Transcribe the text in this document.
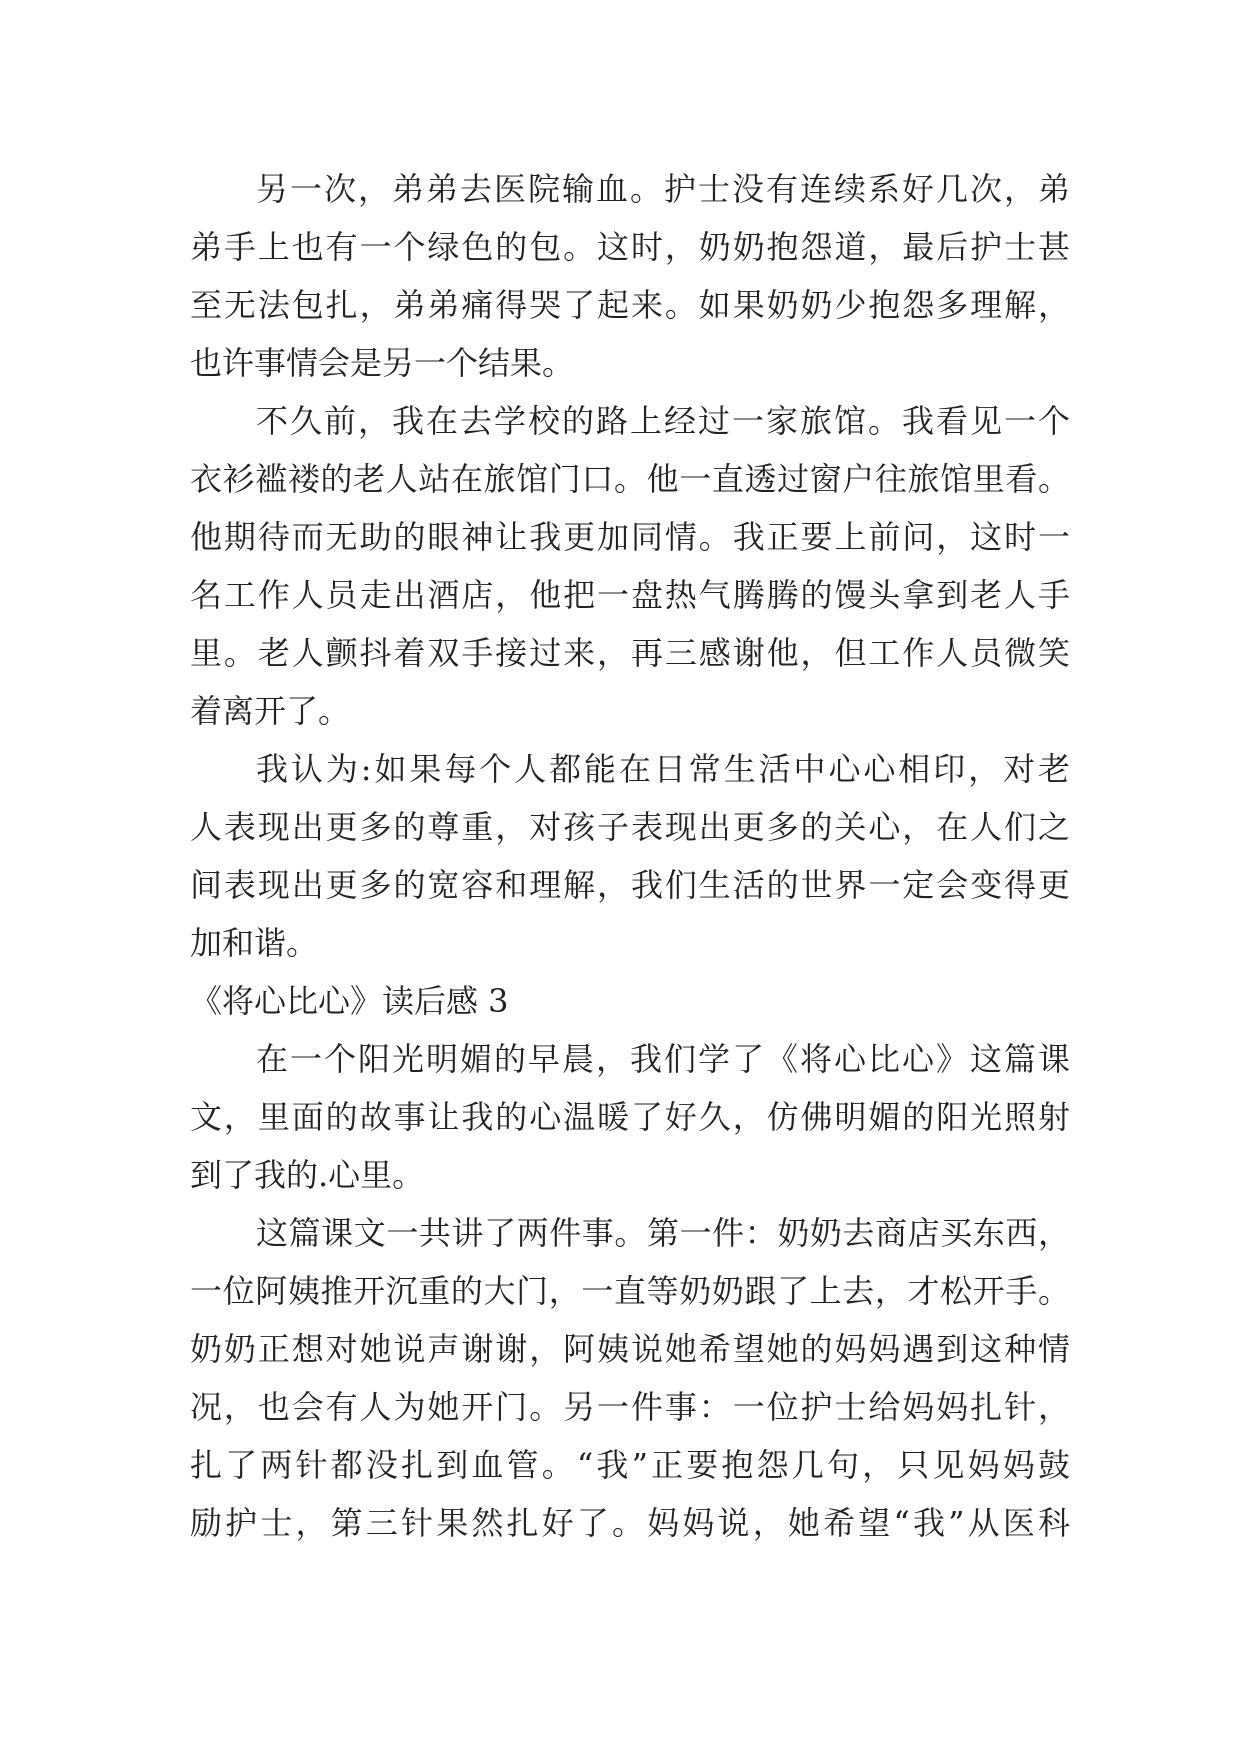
另一次，弟弟去医院输血。护士没有连续系好几次，弟
弟手上也有一个绿色的包。这时，奶奶抱怨道，最后护士甚
至无法包扎，弟弟痛得哭了起来。如果奶奶少抱怨多理解，
也许事情会是另一个结果。
不久前，我在去学校的路上经过一家旅馆。我看见一个
衣衫褴褛的老人站在旅馆门口。他一直透过窗户往旅馆里看。
他期待而无助的眼神让我更加同情。我正要上前问，这时一
名工作人员走出酒店，他把一盘热气腾腾的馒头拿到老人手
里。老人颤抖着双手接过来，再三感谢他，但工作人员微笑
着离开了。
我认为:如果每个人都能在日常生活中心心相印，对老
人表现出更多的尊重，对孩子表现出更多的关心，在人们之
间表现出更多的宽容和理解，我们生活的世界一定会变得更
加和谐。
《将心比心》读后感 3
在一个阳光明媚的早晨，我们学了《将心比心》这篇课
文，里面的故事让我的心温暖了好久，仿佛明媚的阳光照射
到了我的.心里。
这篇课文一共讲了两件事。第一件：奶奶去商店买东西，
一位阿姨推开沉重的大门，一直等奶奶跟了上去，才松开手。
奶奶正想对她说声谢谢，阿姨说她希望她的妈妈遇到这种情
况，也会有人为她开门。另一件事：一位护士给妈妈扎针，
扎了两针都没扎到血管。“我”正要抱怨几句，只见妈妈鼓
励护士，第三针果然扎好了。妈妈说，她希望“我”从医科
